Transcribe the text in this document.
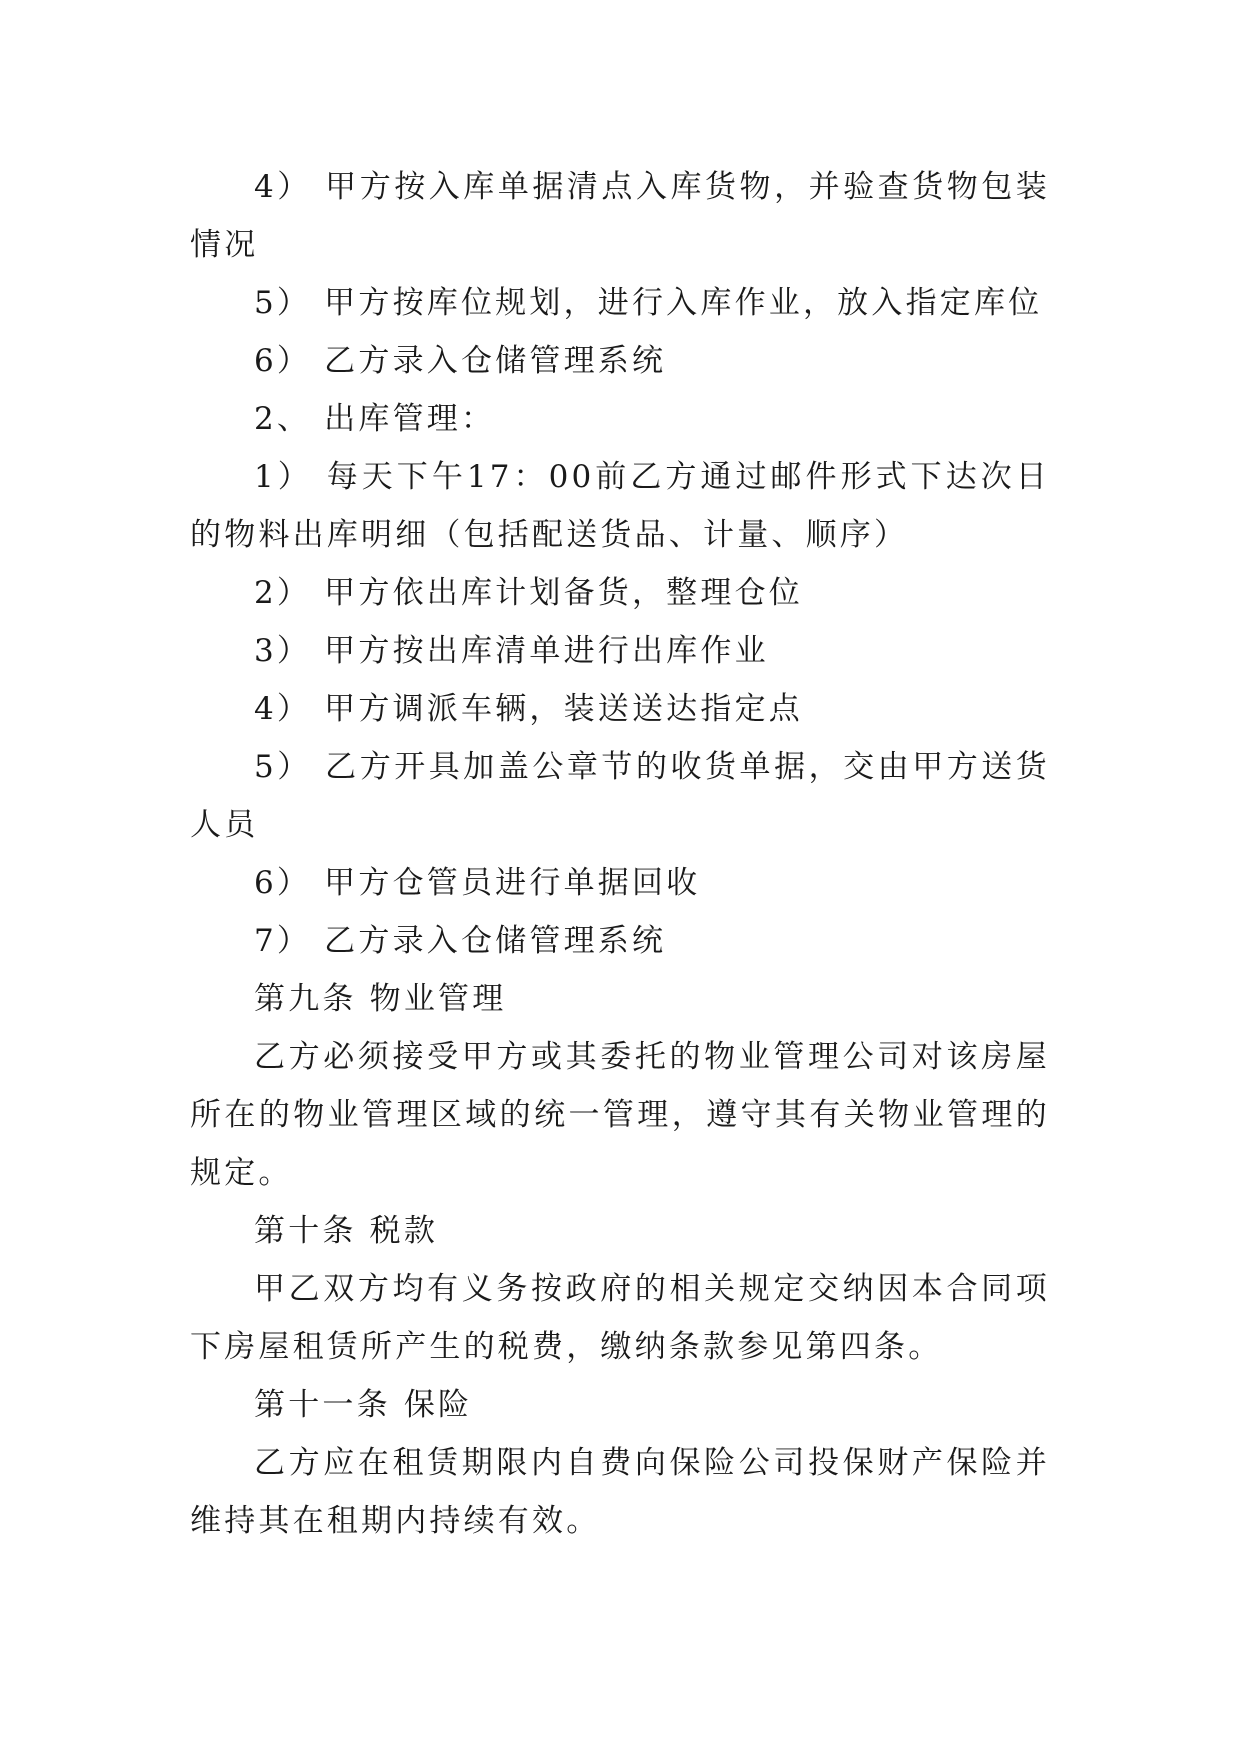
4） 甲方按入库单据清点入库货物，并验查货物包装情况

5） 甲方按库位规划，进行入库作业，放入指定库位

6） 乙方录入仓储管理系统

2、 出库管理：

1） 每天下午17：00前乙方通过邮件形式下达次日的物料出库明细（包括配送货品、计量、顺序）

2） 甲方依出库计划备货，整理仓位

3） 甲方按出库清单进行出库作业

4） 甲方调派车辆，装送送达指定点

5） 乙方开具加盖公章节的收货单据，交由甲方送货人员

6） 甲方仓管员进行单据回收

7） 乙方录入仓储管理系统

第九条 物业管理

乙方必须接受甲方或其委托的物业管理公司对该房屋所在的物业管理区域的统一管理，遵守其有关物业管理的规定。

第十条 税款

甲乙双方均有义务按政府的相关规定交纳因本合同项下房屋租赁所产生的税费，缴纳条款参见第四条。

第十一条 保险

乙方应在租赁期限内自费向保险公司投保财产保险并维持其在租期内持续有效。
